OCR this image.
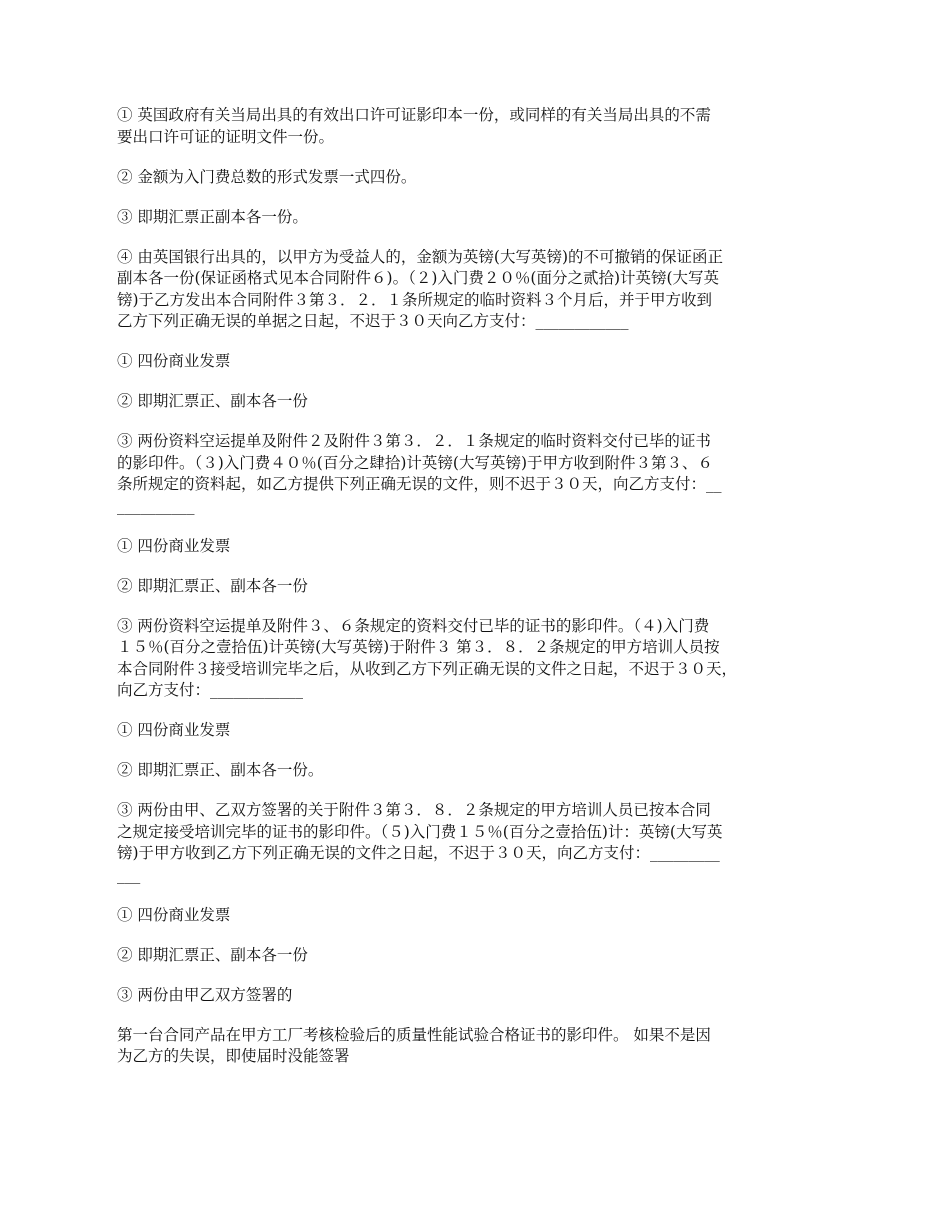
① 英国政府有关当局出具的有效出口许可证影印本一份，或同样的有关当局出具的不需
要出口许可证的证明文件一份。

② 金额为入门费总数的形式发票一式四份。

③ 即期汇票正副本各一份。

④ 由英国银行出具的，以甲方为受益人的，金额为英镑(大写英镑)的不可撤销的保证函正
副本各一份(保证函格式见本合同附件６)。（２)入门费２０％(面分之贰拾)计英镑(大写英
镑)于乙方发出本合同附件３第３．２．１条所规定的临时资料３个月后，并于甲方收到
乙方下列正确无误的单据之日起，不迟于３０天向乙方支付：____________

① 四份商业发票

② 即期汇票正、副本各一份

③ 两份资料空运提单及附件２及附件３第３．２．１条规定的临时资料交付已毕的证书
的影印件。（３)入门费４０％(百分之肆拾)计英镑(大写英镑)于甲方收到附件３第３、６
条所规定的资料起，如乙方提供下列正确无误的文件，则不迟于３０天，向乙方支付：__
__________

① 四份商业发票

② 即期汇票正、副本各一份

③ 两份资料空运提单及附件３、６条规定的资料交付已毕的证书的影印件。（４)入门费
１５％(百分之壹拾伍)计英镑(大写英镑)于附件３ 第３．８．２条规定的甲方培训人员按
本合同附件３接受培训完毕之后，从收到乙方下列正确无误的文件之日起，不迟于３０天，
向乙方支付：____________

① 四份商业发票

② 即期汇票正、副本各一份。

③ 两份由甲、乙双方签署的关于附件３第３．８．２条规定的甲方培训人员已按本合同
之规定接受培训完毕的证书的影印件。（５)入门费１５％(百分之壹拾伍)计：英镑(大写英
镑)于甲方收到乙方下列正确无误的文件之日起，不迟于３０天，向乙方支付：_________
___

① 四份商业发票

② 即期汇票正、副本各一份

③ 两份由甲乙双方签署的

第一台合同产品在甲方工厂考核检验后的质量性能试验合格证书的影印件。 如果不是因
为乙方的失误，即使届时没能签署
